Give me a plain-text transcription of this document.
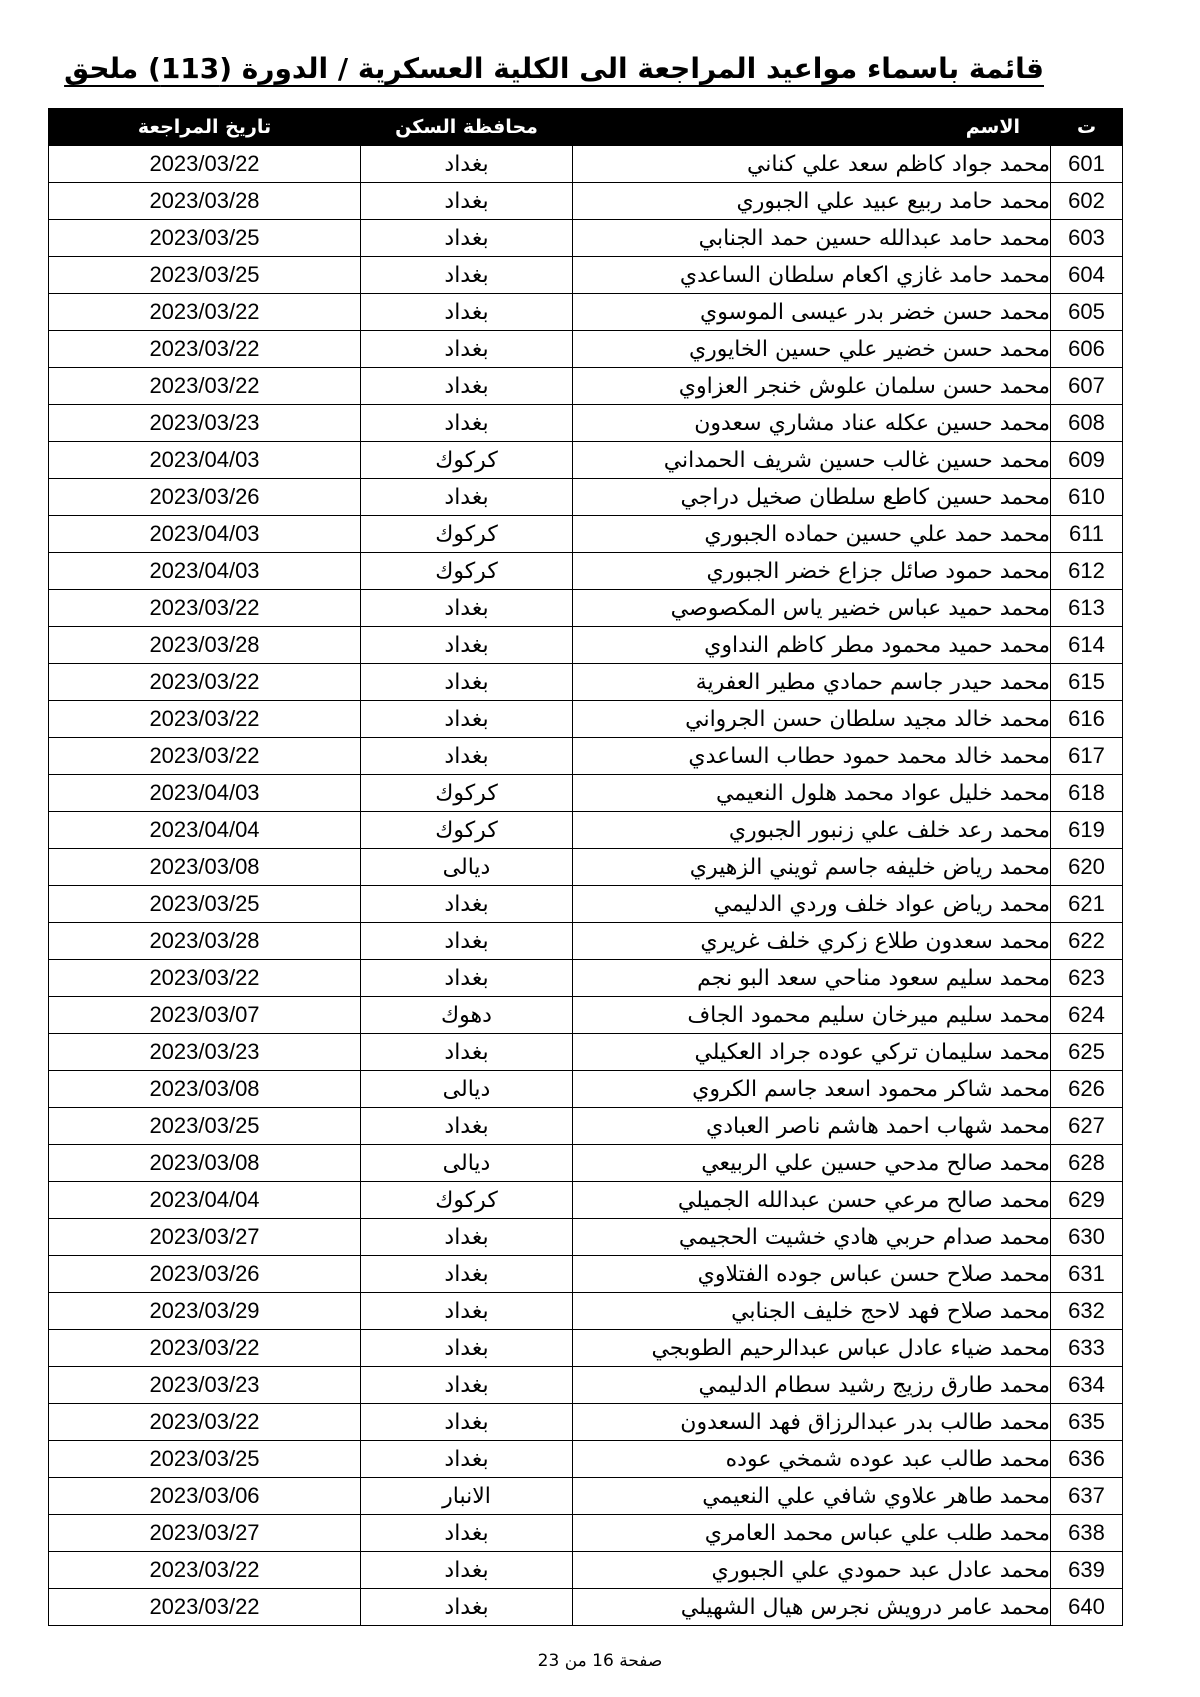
قائمة باسماء مواعيد المراجعة الى الكلية العسكرية / الدورة (113) ملحق
ت	الاسم	محافظة السكن	تاريخ المراجعة
601	محمد جواد كاظم سعد علي كناني	بغداد	2023/03/22
602	محمد حامد ربيع عبيد علي الجبوري	بغداد	2023/03/28
603	محمد حامد عبدالله حسين حمد الجنابي	بغداد	2023/03/25
604	محمد حامد غازي اكعام سلطان الساعدي	بغداد	2023/03/25
605	محمد حسن خضر بدر عيسى الموسوي	بغداد	2023/03/22
606	محمد حسن خضير علي حسين الخايوري	بغداد	2023/03/22
607	محمد حسن سلمان علوش خنجر العزاوي	بغداد	2023/03/22
608	محمد حسين عكله عناد مشاري سعدون	بغداد	2023/03/23
609	محمد حسين غالب حسين شريف الحمداني	كركوك	2023/04/03
610	محمد حسين كاطع سلطان صخيل دراجي	بغداد	2023/03/26
611	محمد حمد علي حسين حماده الجبوري	كركوك	2023/04/03
612	محمد حمود صائل جزاع خضر الجبوري	كركوك	2023/04/03
613	محمد حميد عباس خضير ياس المكصوصي	بغداد	2023/03/22
614	محمد حميد محمود مطر كاظم النداوي	بغداد	2023/03/28
615	محمد حيدر جاسم حمادي مطير العفرية	بغداد	2023/03/22
616	محمد خالد مجيد سلطان حسن الجرواني	بغداد	2023/03/22
617	محمد خالد محمد حمود حطاب الساعدي	بغداد	2023/03/22
618	محمد خليل عواد محمد هلول النعيمي	كركوك	2023/04/03
619	محمد رعد خلف علي زنبور الجبوري	كركوك	2023/04/04
620	محمد رياض خليفه جاسم ثويني الزهيري	ديالى	2023/03/08
621	محمد رياض عواد خلف وردي الدليمي	بغداد	2023/03/25
622	محمد سعدون طلاع زكري خلف غريري	بغداد	2023/03/28
623	محمد سليم سعود مناحي سعد البو نجم	بغداد	2023/03/22
624	محمد سليم ميرخان سليم محمود الجاف	دهوك	2023/03/07
625	محمد سليمان تركي عوده جراد العكيلي	بغداد	2023/03/23
626	محمد شاكر محمود اسعد جاسم الكروي	ديالى	2023/03/08
627	محمد شهاب احمد هاشم ناصر العبادي	بغداد	2023/03/25
628	محمد صالح مدحي حسين علي الربيعي	ديالى	2023/03/08
629	محمد صالح مرعي حسن عبدالله الجميلي	كركوك	2023/04/04
630	محمد صدام حربي هادي خشيت الحجيمي	بغداد	2023/03/27
631	محمد صلاح حسن عباس جوده الفتلاوي	بغداد	2023/03/26
632	محمد صلاح فهد لاحج خليف الجنابي	بغداد	2023/03/29
633	محمد ضياء عادل عباس عبدالرحيم الطوبجي	بغداد	2023/03/22
634	محمد طارق رزيج رشيد سطام الدليمي	بغداد	2023/03/23
635	محمد طالب بدر عبدالرزاق فهد السعدون	بغداد	2023/03/22
636	محمد طالب عبد عوده شمخي عوده	بغداد	2023/03/25
637	محمد طاهر علاوي شافي علي النعيمي	الانبار	2023/03/06
638	محمد طلب علي عباس محمد العامري	بغداد	2023/03/27
639	محمد عادل عبد حمودي علي الجبوري	بغداد	2023/03/22
640	محمد عامر درويش نجرس هيال الشهيلي	بغداد	2023/03/22
صفحة 16 من 23
